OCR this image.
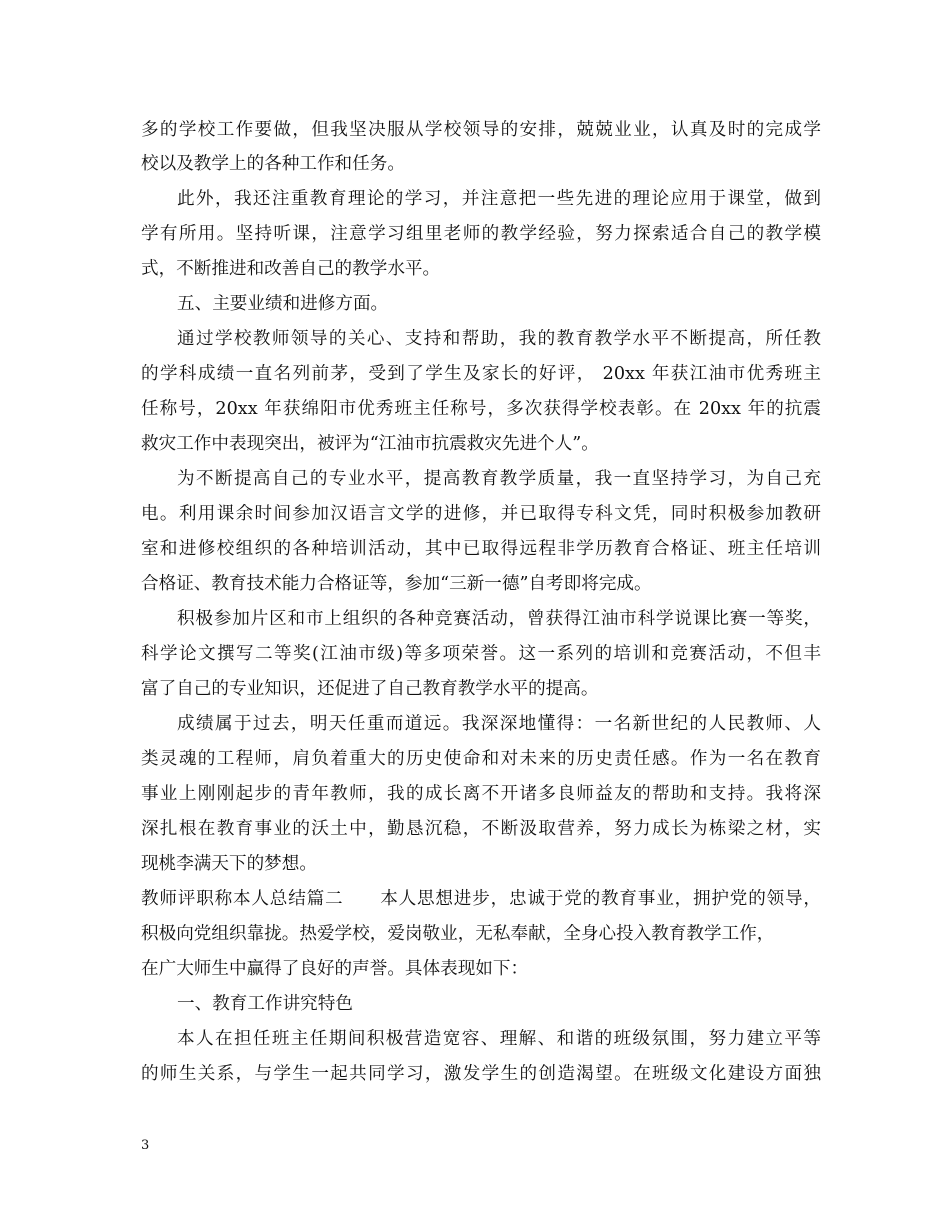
多的学校工作要做，但我坚决服从学校领导的安排，兢兢业业，认真及时的完成学
校以及教学上的各种工作和任务。
此外，我还注重教育理论的学习，并注意把一些先进的理论应用于课堂，做到
学有所用。坚持听课，注意学习组里老师的教学经验，努力探索适合自己的教学模
式，不断推进和改善自己的教学水平。
五、主要业绩和进修方面。
通过学校教师领导的关心、支持和帮助，我的教育教学水平不断提高，所任教
的学科成绩一直名列前茅，受到了学生及家长的好评， 20xx 年获江油市优秀班主
任称号，20xx 年获绵阳市优秀班主任称号，多次获得学校表彰。在 20xx 年的抗震
救灾工作中表现突出，被评为“江油市抗震救灾先进个人”。
为不断提高自己的专业水平，提高教育教学质量，我一直坚持学习，为自己充
电。利用课余时间参加汉语言文学的进修，并已取得专科文凭，同时积极参加教研
室和进修校组织的各种培训活动，其中已取得远程非学历教育合格证、班主任培训
合格证、教育技术能力合格证等，参加“三新一德”自考即将完成。
积极参加片区和市上组织的各种竞赛活动，曾获得江油市科学说课比赛一等奖，
科学论文撰写二等奖(江油市级)等多项荣誉。这一系列的培训和竞赛活动，不但丰
富了自己的专业知识，还促进了自己教育教学水平的提高。
成绩属于过去，明天任重而道远。我深深地懂得：一名新世纪的人民教师、人
类灵魂的工程师，肩负着重大的历史使命和对未来的历史责任感。作为一名在教育
事业上刚刚起步的青年教师，我的成长离不开诸多良师益友的帮助和支持。我将深
深扎根在教育事业的沃土中，勤恳沉稳，不断汲取营养，努力成长为栋梁之材，实
现桃李满天下的梦想。
教师评职称本人总结篇二　　本人思想进步，忠诚于党的教育事业，拥护党的领导，
积极向党组织靠拢。热爱学校，爱岗敬业，无私奉献，全身心投入教育教学工作，
在广大师生中赢得了良好的声誉。具体表现如下：
一、教育工作讲究特色
本人在担任班主任期间积极营造宽容、理解、和谐的班级氛围，努力建立平等
的师生关系，与学生一起共同学习，激发学生的创造渴望。在班级文化建设方面独
3
